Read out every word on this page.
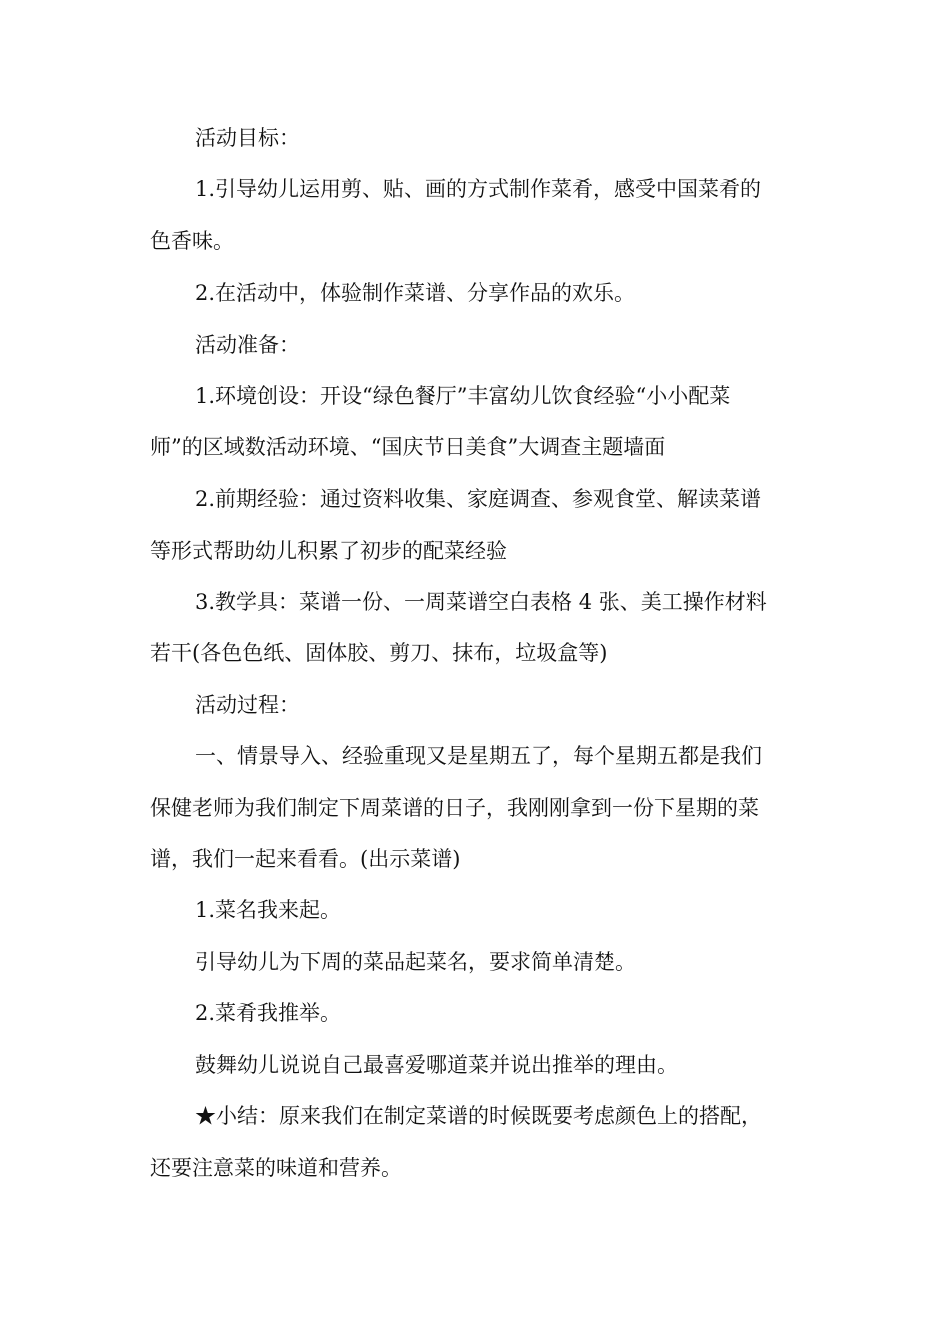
活动目标：

1.引导幼儿运用剪、贴、画的方式制作菜肴，感受中国菜肴的

色香味。

2.在活动中，体验制作菜谱、分享作品的欢乐。

活动准备：

1.环境创设：开设“绿色餐厅”丰富幼儿饮食经验“小小配菜

师”的区域数活动环境、“国庆节日美食”大调查主题墙面

2.前期经验：通过资料收集、家庭调查、参观食堂、解读菜谱

等形式帮助幼儿积累了初步的配菜经验

3.教学具：菜谱一份、一周菜谱空白表格 4 张、美工操作材料

若干(各色色纸、固体胶、剪刀、抹布，垃圾盒等)

活动过程：

一、情景导入、经验重现又是星期五了，每个星期五都是我们

保健老师为我们制定下周菜谱的日子，我刚刚拿到一份下星期的菜

谱，我们一起来看看。(出示菜谱)

1.菜名我来起。

引导幼儿为下周的菜品起菜名，要求简单清楚。

2.菜肴我推举。

鼓舞幼儿说说自己最喜爱哪道菜并说出推举的理由。

★小结：原来我们在制定菜谱的时候既要考虑颜色上的搭配，

还要注意菜的味道和营养。
